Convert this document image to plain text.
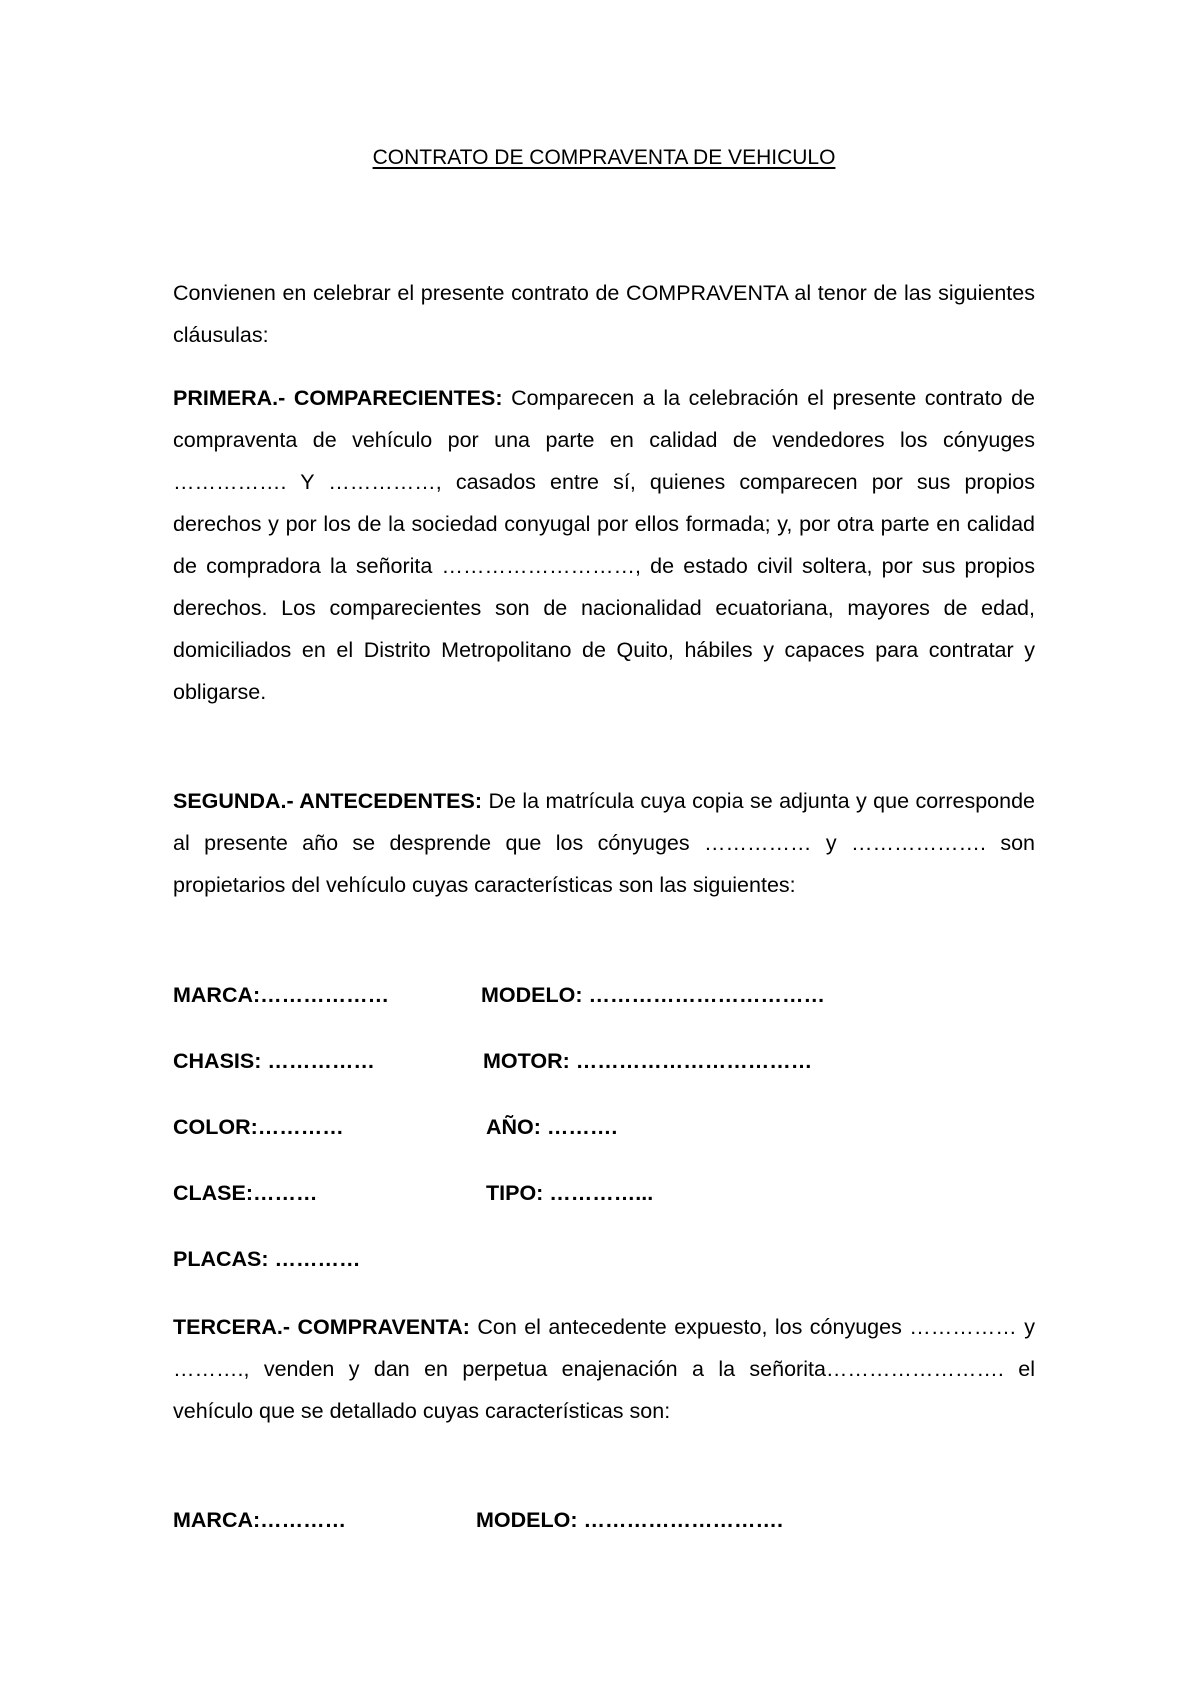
CONTRATO DE COMPRAVENTA DE VEHICULO

Convienen en celebrar el presente contrato de COMPRAVENTA al tenor de las siguientes cláusulas:

PRIMERA.- COMPARECIENTES: Comparecen a la celebración el presente contrato de compraventa de vehículo por una parte en calidad de vendedores los cónyuges ……………. Y ……………, casados entre sí, quienes comparecen por sus propios derechos y por los de la sociedad conyugal por ellos formada; y, por otra parte en calidad de compradora la señorita ………………………, de estado civil soltera, por sus propios derechos. Los comparecientes son de nacionalidad ecuatoriana, mayores de edad, domiciliados en el Distrito Metropolitano de Quito, hábiles y capaces para contratar y obligarse.

SEGUNDA.- ANTECEDENTES: De la matrícula cuya copia se adjunta y que corresponde al presente año se desprende que los cónyuges …………… y ………………. son propietarios del vehículo cuyas características son las siguientes:

MARCA:………………	MODELO: ……………………………
CHASIS: ……………	MOTOR: ……………………………
COLOR:…………	AÑO: ……….
CLASE:………	TIPO: …………...
PLACAS: …………

TERCERA.- COMPRAVENTA: Con el antecedente expuesto, los cónyuges …………… y ………., venden y dan en perpetua enajenación a la señorita……………………. el vehículo que se detallado cuyas características son:

MARCA:…………	MODELO: ……………………….
